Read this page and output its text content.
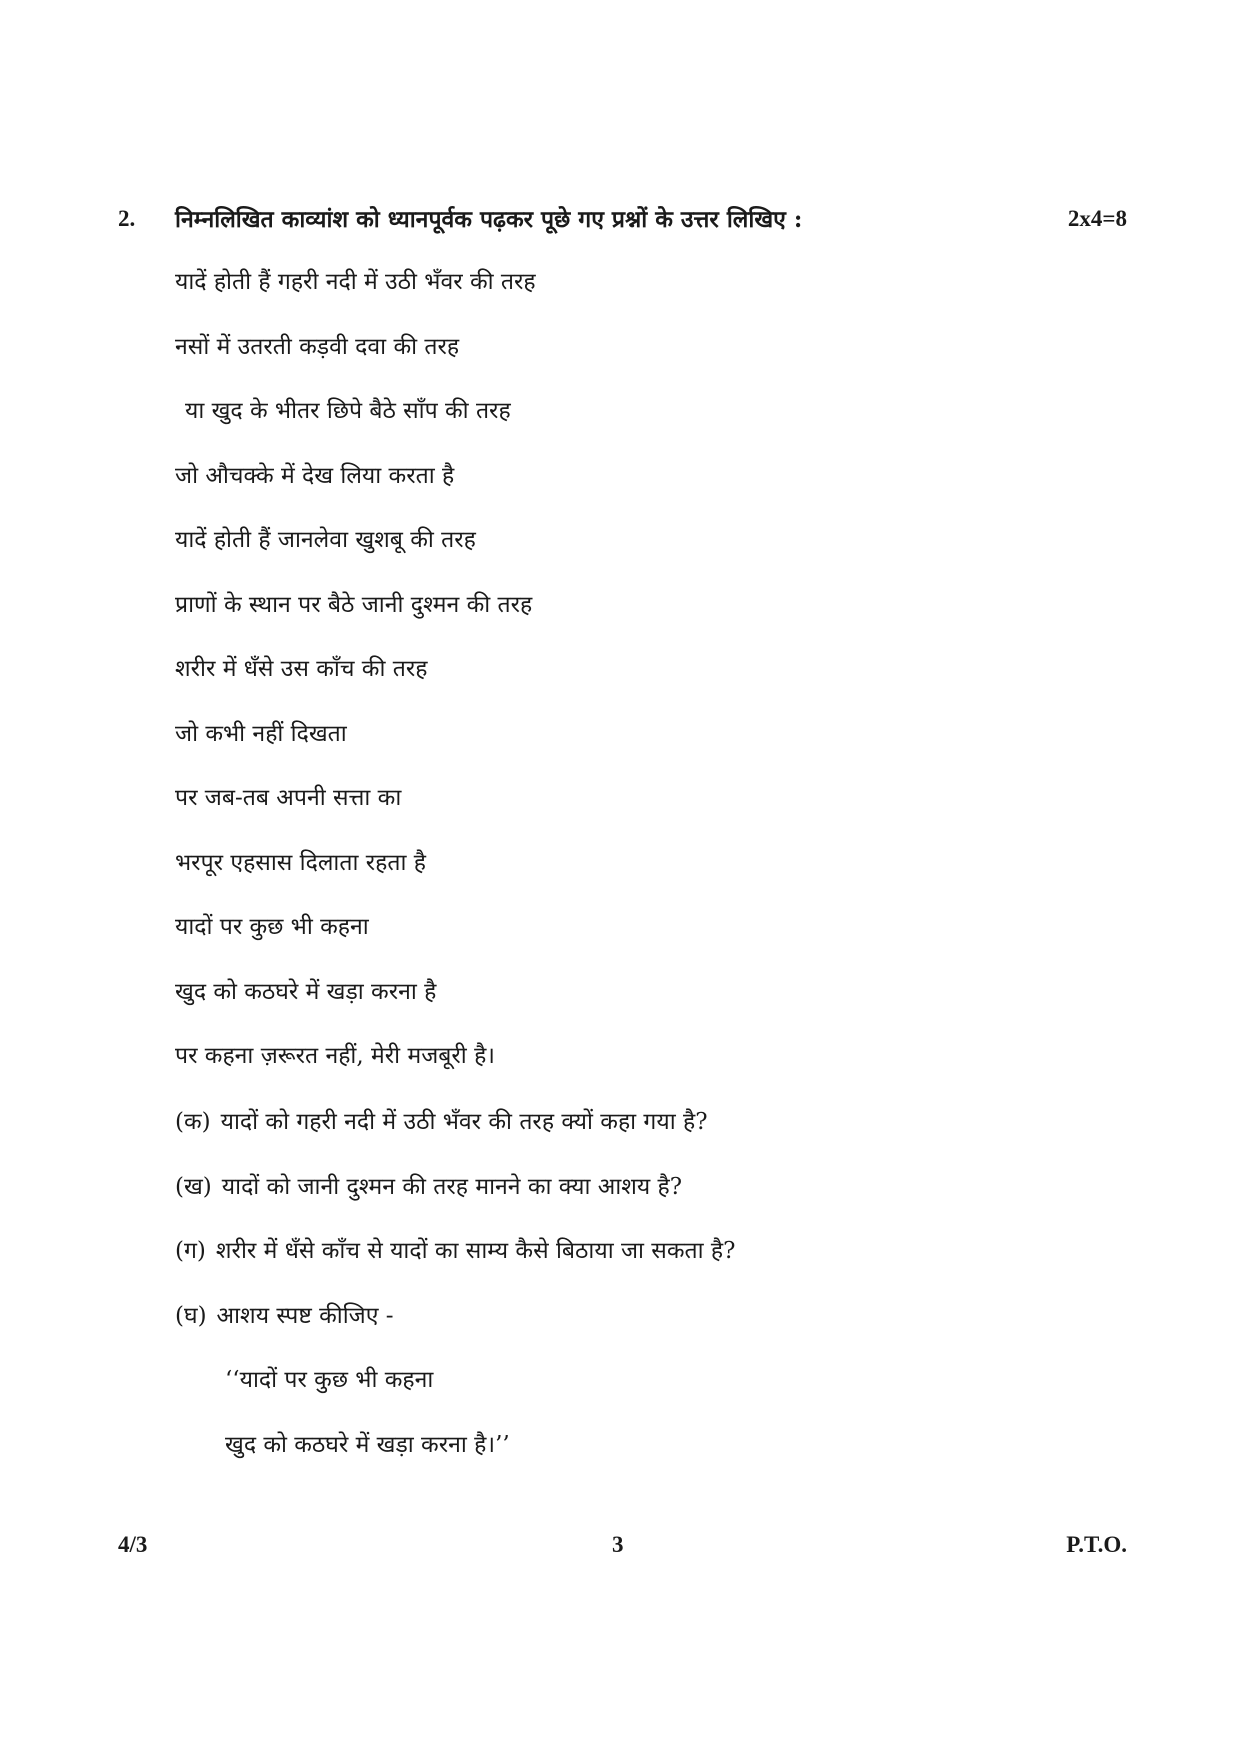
2. निम्नलिखित काव्यांश को ध्यानपूर्वक पढ़कर पूछे गए प्रश्नों के उत्तर लिखिए :	2x4=8
यादें होती हैं गहरी नदी में उठी भँवर की तरह
नसों में उतरती कड़वी दवा की तरह
या खुद के भीतर छिपे बैठे साँप की तरह
जो औचक्के में देख लिया करता है
यादें होती हैं जानलेवा खुशबू की तरह
प्राणों के स्थान पर बैठे जानी दुश्मन की तरह
शरीर में धँसे उस काँच की तरह
जो कभी नहीं दिखता
पर जब-तब अपनी सत्ता का
भरपूर एहसास दिलाता रहता है
यादों पर कुछ भी कहना
खुद को कठघरे में खड़ा करना है
पर कहना ज़रूरत नहीं, मेरी मजबूरी है।
(क) यादों को गहरी नदी में उठी भँवर की तरह क्यों कहा गया है?
(ख) यादों को जानी दुश्मन की तरह मानने का क्या आशय है?
(ग) शरीर में धँसे काँच से यादों का साम्य कैसे बिठाया जा सकता है?
(घ) आशय स्पष्ट कीजिए -
‘‘यादों पर कुछ भी कहना
खुद को कठघरे में खड़ा करना है।’’
4/3	3	P.T.O.
